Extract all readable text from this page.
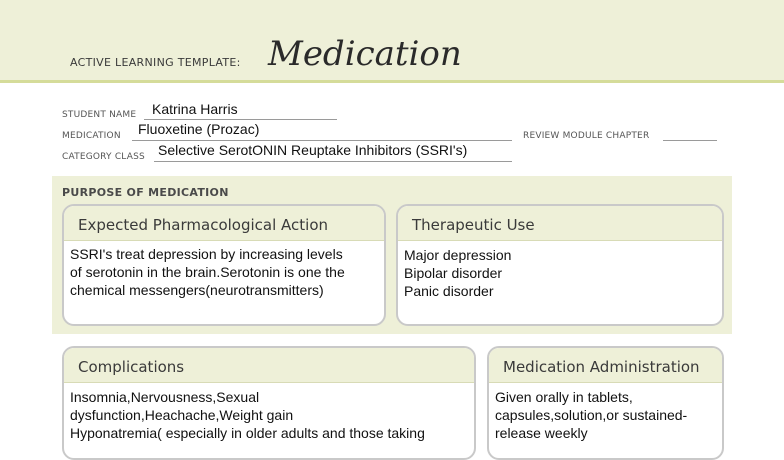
ACTIVE LEARNING TEMPLATE: Medication
STUDENT NAME Katrina Harris
MEDICATION Fluoxetine (Prozac)	REVIEW MODULE CHAPTER
CATEGORY CLASS Selective SerotONIN Reuptake Inhibitors (SSRI's)
PURPOSE OF MEDICATION
Expected Pharmacological Action
SSRI's treat depression by increasing levels
of serotonin in the brain.Serotonin is one the
chemical messengers(neurotransmitters)
Therapeutic Use
Major depression
Bipolar disorder
Panic disorder
Complications
Insomnia,Nervousness,Sexual
dysfunction,Heachache,Weight gain
Hyponatremia( especially in older adults and those taking
Medication Administration
Given orally in tablets,
capsules,solution,or sustained-
release weekly
